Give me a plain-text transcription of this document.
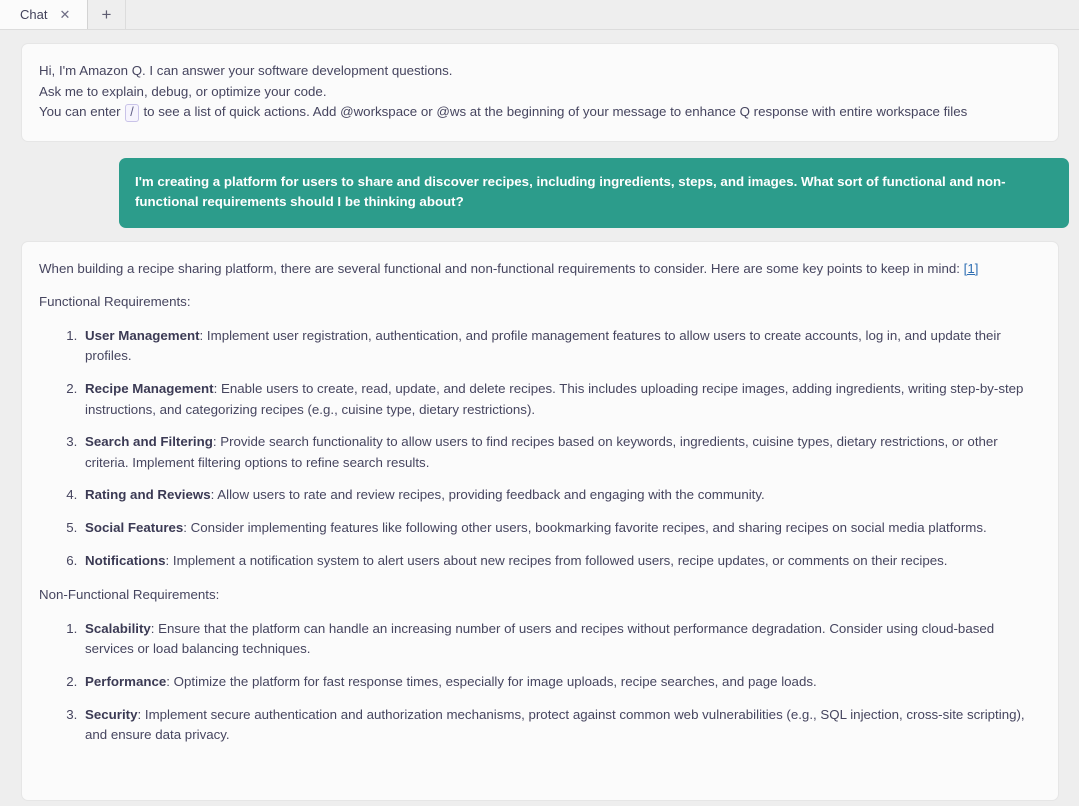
Chat ✕	+
Hi, I'm Amazon Q. I can answer your software development questions.
Ask me to explain, debug, or optimize your code.
You can enter / to see a list of quick actions. Add @workspace or @ws at the beginning of your message to enhance Q response with entire workspace files
I'm creating a platform for users to share and discover recipes, including ingredients, steps, and images. What sort of functional and non-functional requirements should I be thinking about?
When building a recipe sharing platform, there are several functional and non-functional requirements to consider. Here are some key points to keep in mind: [1]
Functional Requirements:
1. User Management: Implement user registration, authentication, and profile management features to allow users to create accounts, log in, and update their profiles.
2. Recipe Management: Enable users to create, read, update, and delete recipes. This includes uploading recipe images, adding ingredients, writing step-by-step instructions, and categorizing recipes (e.g., cuisine type, dietary restrictions).
3. Search and Filtering: Provide search functionality to allow users to find recipes based on keywords, ingredients, cuisine types, dietary restrictions, or other criteria. Implement filtering options to refine search results.
4. Rating and Reviews: Allow users to rate and review recipes, providing feedback and engaging with the community.
5. Social Features: Consider implementing features like following other users, bookmarking favorite recipes, and sharing recipes on social media platforms.
6. Notifications: Implement a notification system to alert users about new recipes from followed users, recipe updates, or comments on their recipes.
Non-Functional Requirements:
1. Scalability: Ensure that the platform can handle an increasing number of users and recipes without performance degradation. Consider using cloud-based services or load balancing techniques.
2. Performance: Optimize the platform for fast response times, especially for image uploads, recipe searches, and page loads.
3. Security: Implement secure authentication and authorization mechanisms, protect against common web vulnerabilities (e.g., SQL injection, cross-site scripting), and ensure data privacy.
